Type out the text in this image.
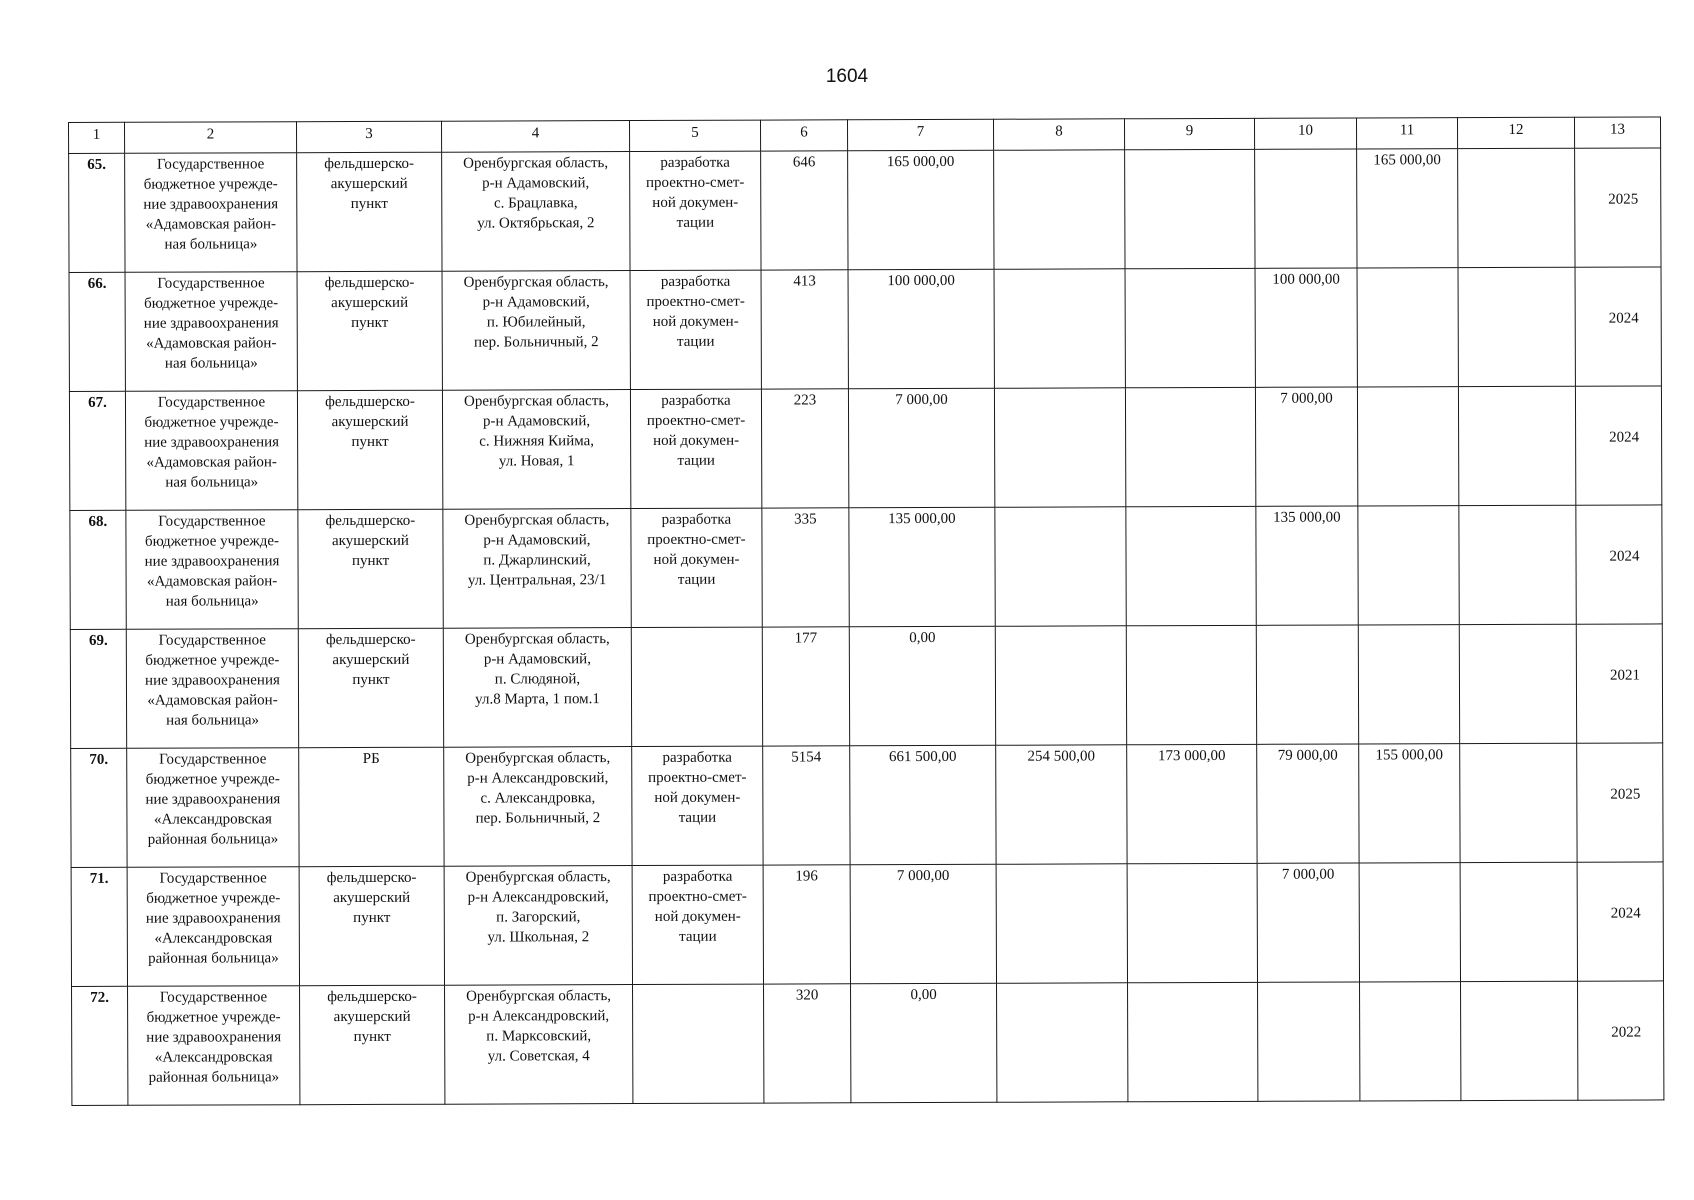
1604
1	2	3	4	5	6	7	8	9	10	11	12	13
65.	Государственное
бюджетное учрежде-
ние здравоохранения
«Адамовская район-
ная больница»	фельдшерско-
акушерский
пункт	Оренбургская область,
р-н Адамовский,
с. Брацлавка,
ул. Октябрьская, 2	разработка
проектно-смет-
ной докумен-
тации	646	165 000,00				165 000,00		2025
66.	Государственное
бюджетное учрежде-
ние здравоохранения
«Адамовская район-
ная больница»	фельдшерско-
акушерский
пункт	Оренбургская область,
р-н Адамовский,
п. Юбилейный,
пер. Больничный, 2	разработка
проектно-смет-
ной докумен-
тации	413	100 000,00			100 000,00			2024
67.	Государственное
бюджетное учрежде-
ние здравоохранения
«Адамовская район-
ная больница»	фельдшерско-
акушерский
пункт	Оренбургская область,
р-н Адамовский,
с. Нижняя Кийма,
ул. Новая, 1	разработка
проектно-смет-
ной докумен-
тации	223	7 000,00			7 000,00			2024
68.	Государственное
бюджетное учрежде-
ние здравоохранения
«Адамовская район-
ная больница»	фельдшерско-
акушерский
пункт	Оренбургская область,
р-н Адамовский,
п. Джарлинский,
ул. Центральная, 23/1	разработка
проектно-смет-
ной докумен-
тации	335	135 000,00			135 000,00			2024
69.	Государственное
бюджетное учрежде-
ние здравоохранения
«Адамовская район-
ная больница»	фельдшерско-
акушерский
пункт	Оренбургская область,
р-н Адамовский,
п. Слюдяной,
ул.8 Марта, 1 пом.1		177	0,00						2021
70.	Государственное
бюджетное учрежде-
ние здравоохранения
«Александровская
районная больница»	РБ	Оренбургская область,
р-н Александровский,
с. Александровка,
пер. Больничный, 2	разработка
проектно-смет-
ной докумен-
тации	5154	661 500,00	254 500,00	173 000,00	79 000,00	155 000,00		2025
71.	Государственное
бюджетное учрежде-
ние здравоохранения
«Александровская
районная больница»	фельдшерско-
акушерский
пункт	Оренбургская область,
р-н Александровский,
п. Загорский,
ул. Школьная, 2	разработка
проектно-смет-
ной докумен-
тации	196	7 000,00			7 000,00			2024
72.	Государственное
бюджетное учрежде-
ние здравоохранения
«Александровская
районная больница»	фельдшерско-
акушерский
пункт	Оренбургская область,
р-н Александровский,
п. Марксовский,
ул. Советская, 4		320	0,00						2022
